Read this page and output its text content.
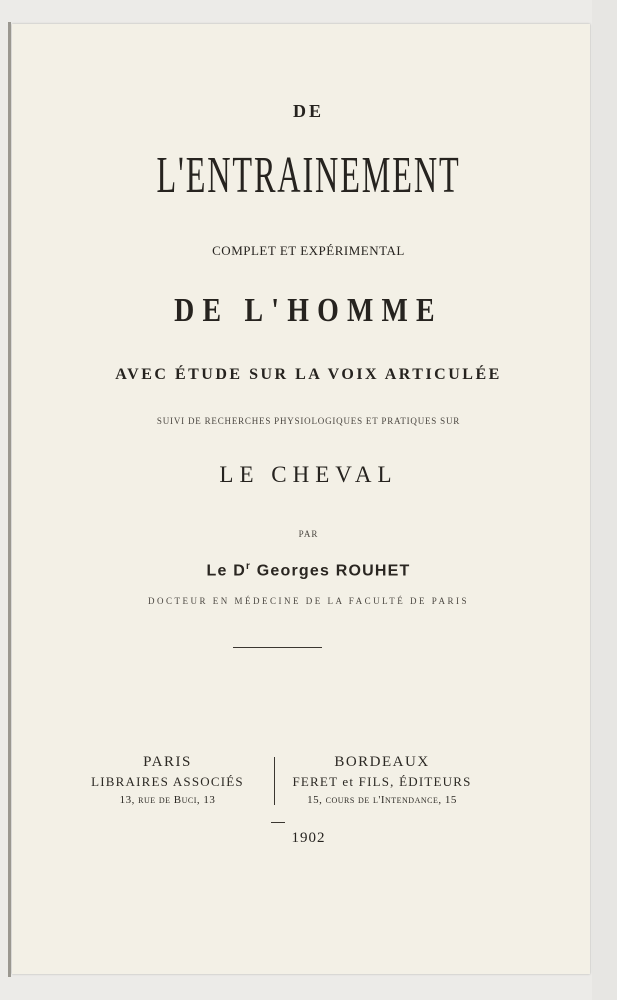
DE
L'ENTRAINEMENT
COMPLET ET EXPÉRIMENTAL
DE L'HOMME
AVEC ÉTUDE SUR LA VOIX ARTICULÉE
SUIVI DE RECHERCHES PHYSIOLOGIQUES ET PRATIQUES SUR
LE CHEVAL
PAR
Le $D^r$ Georges ROUHET
DOCTEUR EN MÉDECINE DE LA FACULTÉ DE PARIS
PARIS
LIBRAIRES ASSOCIÉS
13, rue de Buci, 13
BORDEAUX
FERET et FILS, ÉDITEURS
15, cours de l'Intendance, 15
1902
